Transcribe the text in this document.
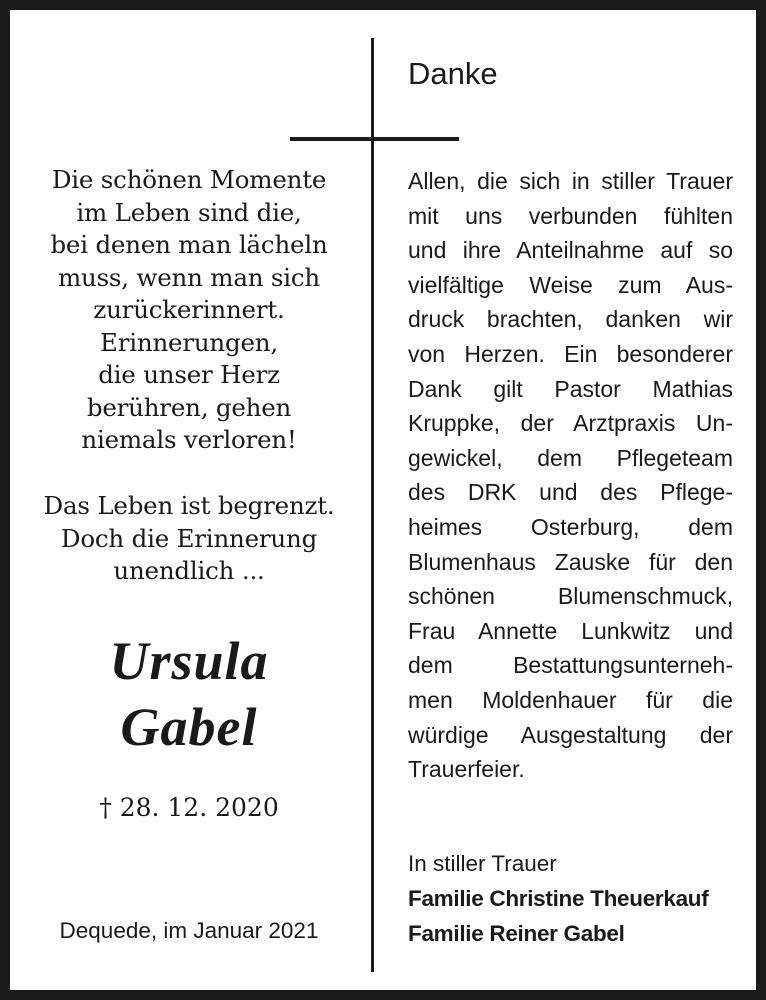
Die schönen Momente
im Leben sind die,
bei denen man lächeln
muss, wenn man sich
zurückerinnert.
Erinnerungen,
die unser Herz
berühren, gehen
niemals verloren!
Das Leben ist begrenzt.
Doch die Erinnerung
unendlich ...
Ursula
Gabel
† 28. 12. 2020
Dequede, im Januar 2021
Danke
Allen, die sich in stiller Trauer
mit uns verbunden fühlten
und ihre Anteilnahme auf so
vielfältige Weise zum Aus-
druck brachten, danken wir
von Herzen. Ein besonderer
Dank gilt Pastor Mathias
Kruppke, der Arztpraxis Un-
gewickel, dem Pflegeteam
des DRK und des Pflege-
heimes Osterburg, dem
Blumenhaus Zauske für den
schönen Blumenschmuck,
Frau Annette Lunkwitz und
dem Bestattungsunterneh-
men Moldenhauer für die
würdige Ausgestaltung der
Trauerfeier.
In stiller Trauer
Familie Christine Theuerkauf
Familie Reiner Gabel
